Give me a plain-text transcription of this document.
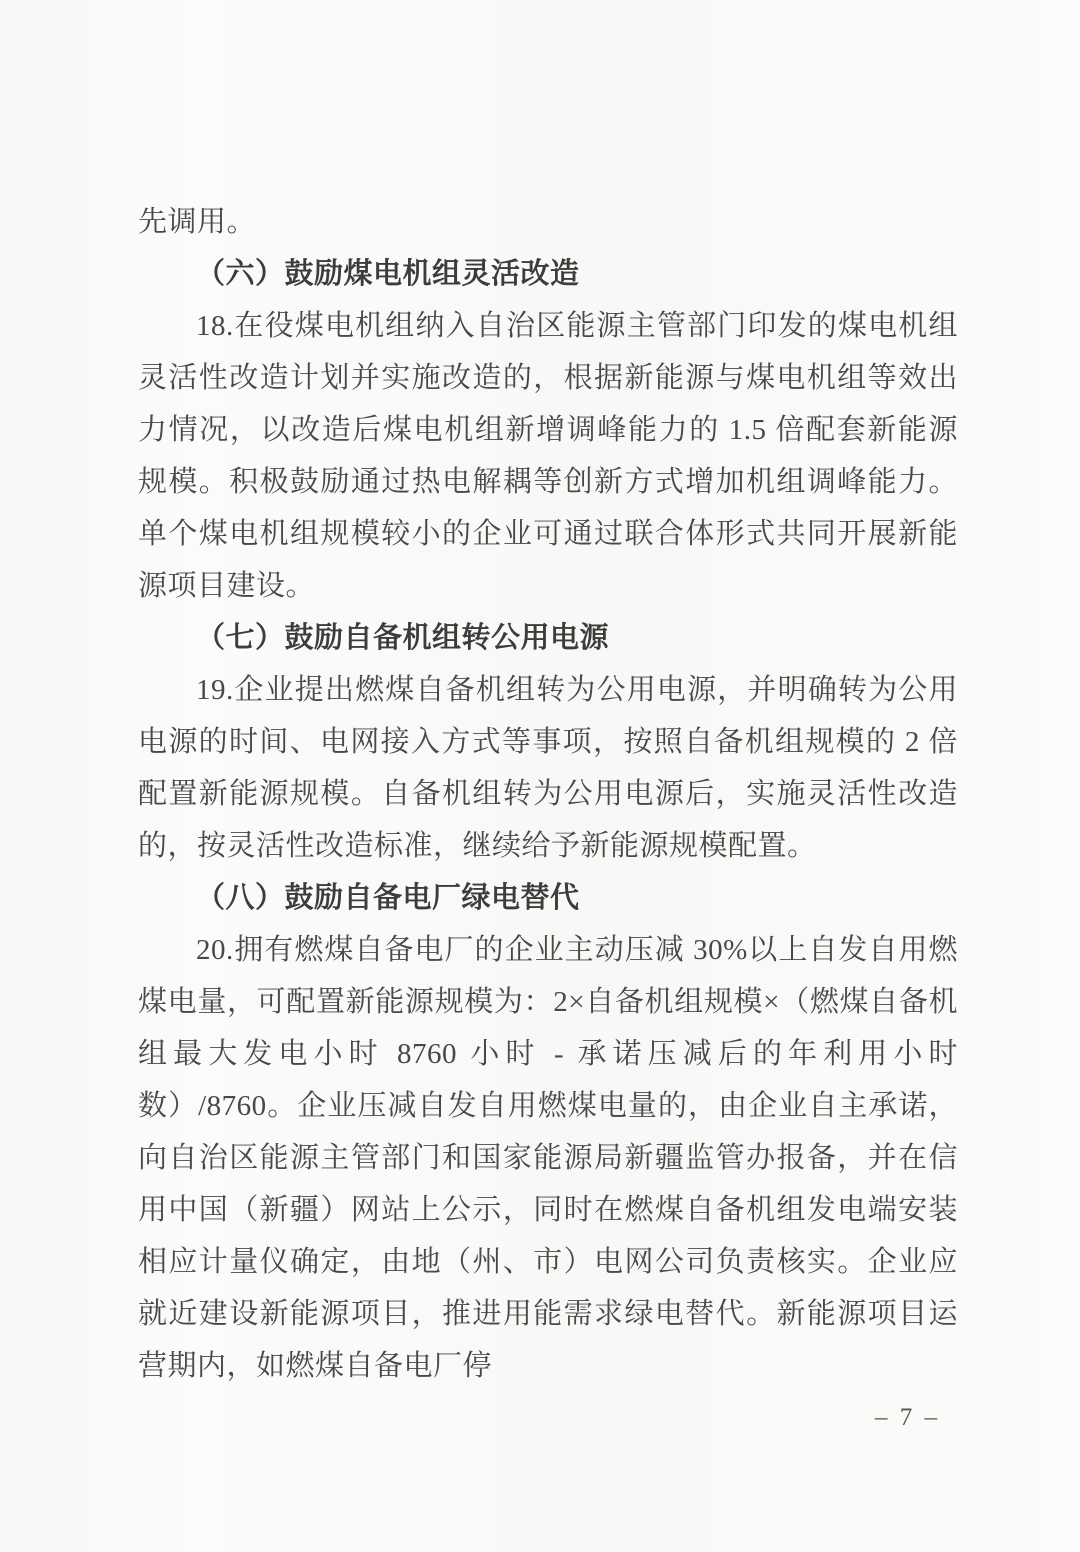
先调用。

（六）鼓励煤电机组灵活改造

18.在役煤电机组纳入自治区能源主管部门印发的煤电机组灵活性改造计划并实施改造的，根据新能源与煤电机组等效出力情况，以改造后煤电机组新增调峰能力的 1.5 倍配套新能源规模。积极鼓励通过热电解耦等创新方式增加机组调峰能力。单个煤电机组规模较小的企业可通过联合体形式共同开展新能源项目建设。

（七）鼓励自备机组转公用电源

19.企业提出燃煤自备机组转为公用电源，并明确转为公用电源的时间、电网接入方式等事项，按照自备机组规模的 2 倍配置新能源规模。自备机组转为公用电源后，实施灵活性改造的，按灵活性改造标准，继续给予新能源规模配置。

（八）鼓励自备电厂绿电替代

20.拥有燃煤自备电厂的企业主动压减 30%以上自发自用燃煤电量，可配置新能源规模为：2×自备机组规模×（燃煤自备机组最大发电小时 8760 小时 - 承诺压减后的年利用小时数）/8760。企业压减自发自用燃煤电量的，由企业自主承诺，向自治区能源主管部门和国家能源局新疆监管办报备，并在信用中国（新疆）网站上公示，同时在燃煤自备机组发电端安装相应计量仪确定，由地（州、市）电网公司负责核实。企业应就近建设新能源项目，推进用能需求绿电替代。新能源项目运营期内，如燃煤自备电厂停

– 7 –
